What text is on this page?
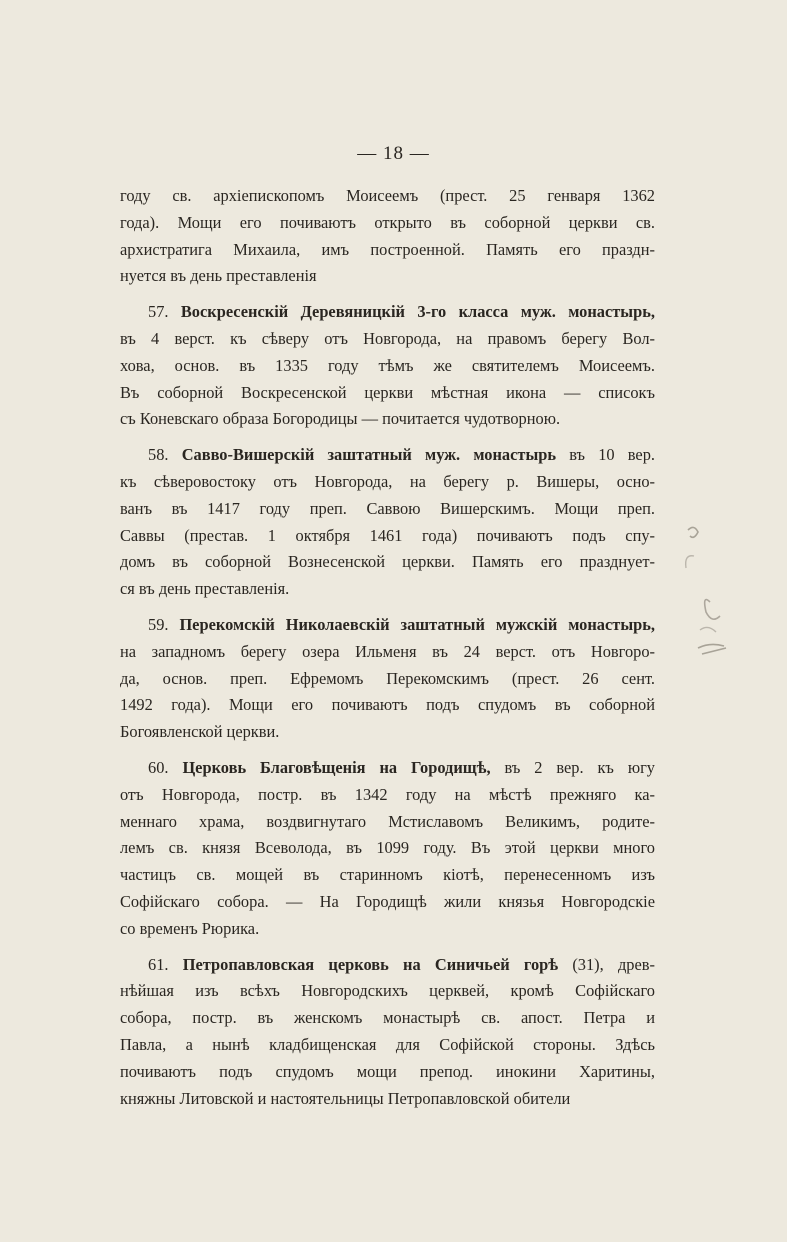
— 18 —
году св. архіепископомъ Моисеемъ (прест. 25 генваря 1362
года). Мощи его почиваютъ открыто въ соборной церкви св.
архистратига Михаила, имъ построенной. Память его праздн-
нуется въ день преставленія
57. Воскресенскій Деревяницкій 3-го класса муж. монастырь,
въ 4 верст. къ сѣверу отъ Новгорода, на правомъ берегу Вол-
хова, основ. въ 1335 году тѣмъ же святителемъ Моисеемъ.
Въ соборной Воскресенской церкви мѣстная икона — списокъ
съ Коневскаго образа Богородицы — почитается чудотворною.
58. Савво-Вишерскій заштатный муж. монастырь въ 10 вер.
къ сѣверовостоку отъ Новгорода, на берегу р. Вишеры, осно-
ванъ въ 1417 году преп. Саввою Вишерскимъ. Мощи преп.
Саввы (престав. 1 октября 1461 года) почиваютъ подъ спу-
домъ въ соборной Вознесенской церкви. Память его празднует-
ся въ день преставленія.
59. Перекомскій Николаевскій заштатный мужскій монастырь,
на западномъ берегу озера Ильменя въ 24 верст. отъ Новгоро-
да, основ. преп. Ефремомъ Перекомскимъ (прест. 26 сент.
1492 года). Мощи его почиваютъ подъ спудомъ въ соборной
Богоявленской церкви.
60. Церковь Благовѣщенія на Городищѣ, въ 2 вер. къ югу
отъ Новгорода, постр. въ 1342 году на мѣстѣ прежняго ка-
меннаго храма, воздвигнутаго Мстиславомъ Великимъ, родите-
лемъ св. князя Всеволода, въ 1099 году. Въ этой церкви много
частицъ св. мощей въ старинномъ кіотѣ, перенесенномъ изъ
Софійскаго собора. — На Городищѣ жили князья Новгородскіе
со временъ Рюрика.
61. Петропавловская церковь на Синичьей горѣ (31), древ-
нѣйшая изъ всѣхъ Новгородскихъ церквей, кромѣ Софійскаго
собора, постр. въ женскомъ монастырѣ св. апост. Петра и
Павла, а нынѣ кладбищенская для Софійской стороны. Здѣсь
почиваютъ подъ спудомъ мощи препод. инокини Харитины,
княжны Литовской и настоятельницы Петропавловской обители
